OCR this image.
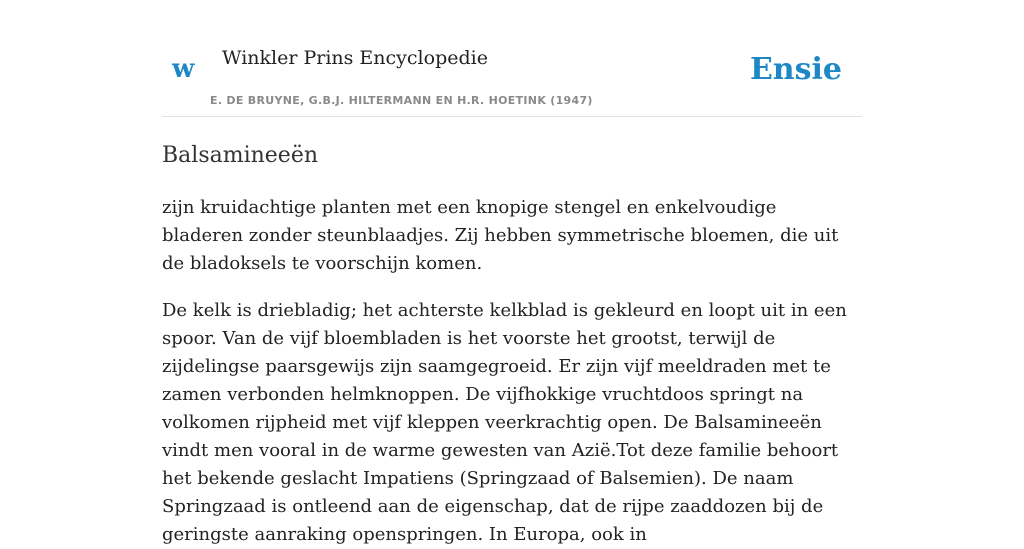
w Winkler Prins Encyclopedie	Ensie
E. DE BRUYNE, G.B.J. HILTERMANN EN H.R. HOETINK (1947)
Balsamineeën

zijn kruidachtige planten met een knopige stengel en enkelvoudige bladeren zonder steunblaadjes. Zij hebben symmetrische bloemen, die uit de bladoksels te voorschijn komen.

De kelk is driebladig; het achterste kelkblad is gekleurd en loopt uit in een spoor. Van de vijf bloembladen is het voorste het grootst, terwijl de zijdelingse paarsgewijs zijn saamgegroeid. Er zijn vijf meeldraden met te zamen verbonden helmknoppen. De vijfhokkige vruchtdoos springt na volkomen rijpheid met vijf kleppen veerkrachtig open. De Balsamineeën vindt men vooral in de warme gewesten van Azië.Tot deze familie behoort het bekende geslacht Impatiens (Springzaad of Balsemien). De naam Springzaad is ontleend aan de eigenschap, dat de rijpe zaaddozen bij de geringste aanraking openspringen. In Europa, ook in
